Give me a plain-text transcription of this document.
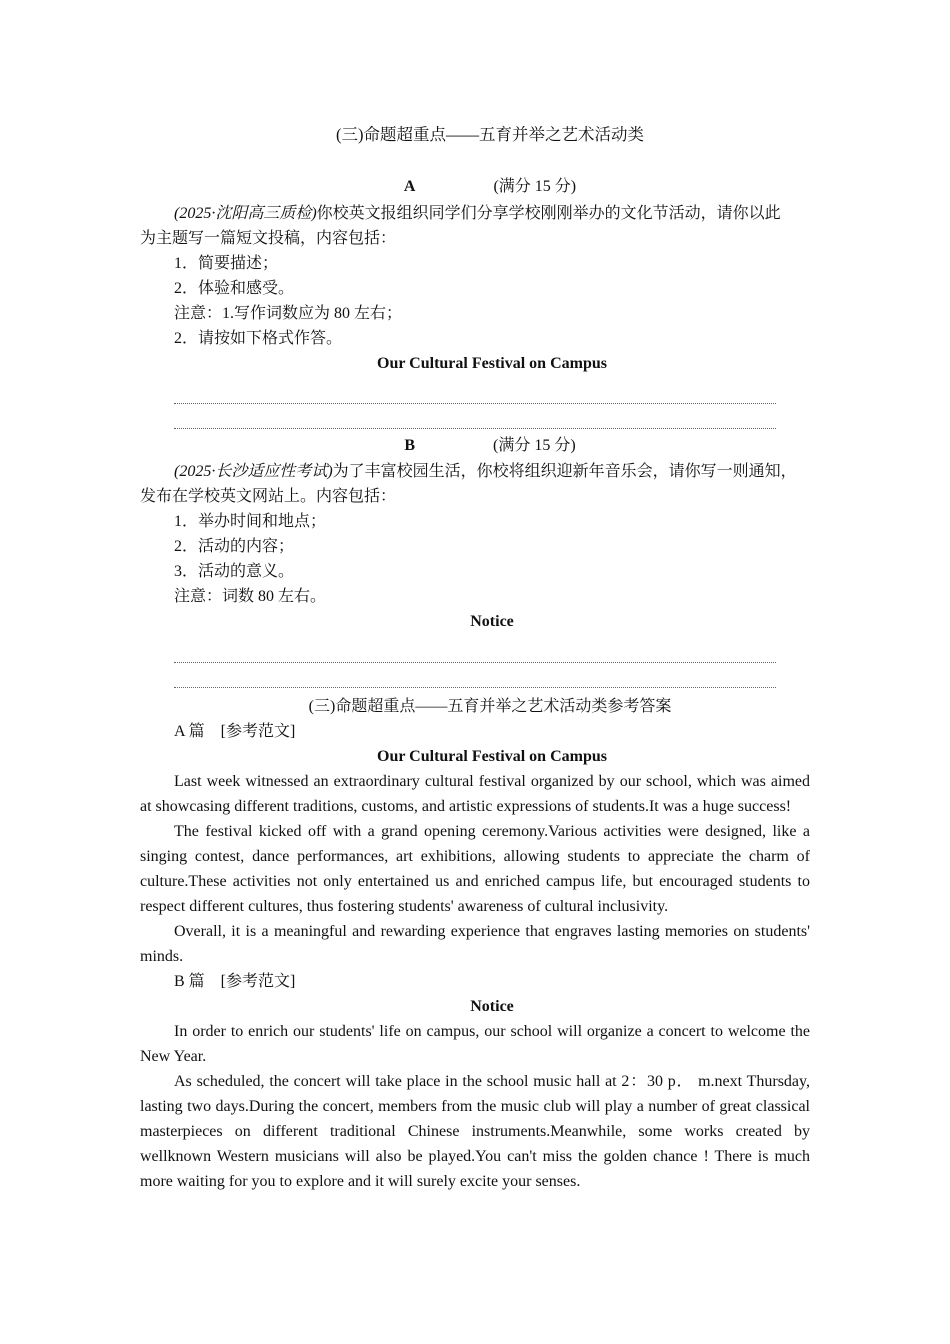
(三)命题超重点——五育并举之艺术活动类

A	(满分 15 分)

(2025·沈阳高三质检)你校英文报组织同学们分享学校刚刚举办的文化节活动，请你以此

为主题写一篇短文投稿，内容包括：

1．简要描述；

2．体验和感受。

注意：1.写作词数应为 80 左右；

2．请按如下格式作答。

Our Cultural Festival on Campus

B	(满分 15 分)

(2025·长沙适应性考试)为了丰富校园生活，你校将组织迎新年音乐会，请你写一则通知，

发布在学校英文网站上。内容包括：

1．举办时间和地点；

2．活动的内容；

3．活动的意义。

注意：词数 80 左右。

Notice

(三)命题超重点——五育并举之艺术活动类参考答案

A 篇　[参考范文]

Our Cultural Festival on Campus

Last week witnessed an extraordinary cultural festival organized by our school, which was aimed at showcasing different traditions, customs, and artistic expressions of students.It was a huge success!

The festival kicked off with a grand opening ceremony.Various activities were designed, like a singing contest, dance performances, art exhibitions, allowing students to appreciate the charm of culture.These activities not only entertained us and enriched campus life, but encouraged students to respect different cultures, thus fostering students' awareness of cultural inclusivity.

Overall, it is a meaningful and rewarding experience that engraves lasting memories on students' minds.

B 篇　[参考范文]

Notice

In order to enrich our students' life on campus, our school will organize a concert to welcome the New Year.

As scheduled, the concert will take place in the school music hall at 2：30 p． m.next Thursday, lasting two days.During the concert, members from the music club will play a number of great classical masterpieces on different traditional Chinese instruments.Meanwhile, some works created by wellknown Western musicians will also be played.You can't miss the golden chance ! There is much more waiting for you to explore and it will surely excite your senses.
